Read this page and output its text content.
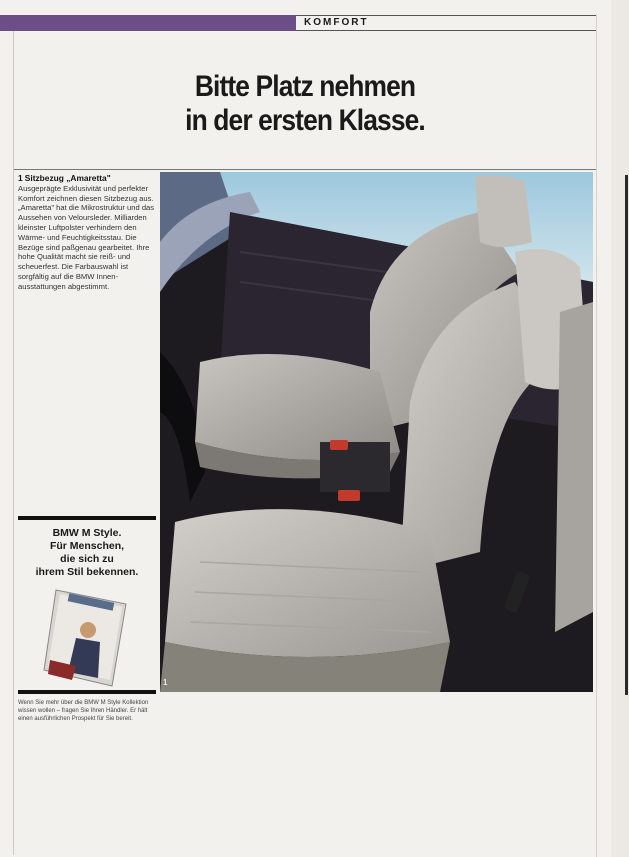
KOMFORT
Bitte Platz nehmen
in der ersten Klasse.
1 Sitzbezug „Amaretta"
Ausgeprägte Exklusivität und perfekter Komfort zeichnen diesen Sitzbezug aus. „Amaretta" hat die Mikrostruktur und das Aussehen von Veloursleder. Milliarden kleinster Luftpolster verhindern den Wärme- und Feuchtigkeitsstau. Die Bezüge sind paßgenau gearbeitet. Ihre hohe Qualität macht sie reiß- und scheuerfest. Die Farbauswahl ist sorgfältig auf die BMW Innen-ausstattungen abgestimmt.
1
BMW M Style.
Für Menschen,
die sich zu
ihrem Stil bekennen.
Wenn Sie mehr über die BMW M Style Kollektion wissen wollen – fragen Sie Ihren Händler. Er hält einen ausführlichen Prospekt für Sie bereit.
